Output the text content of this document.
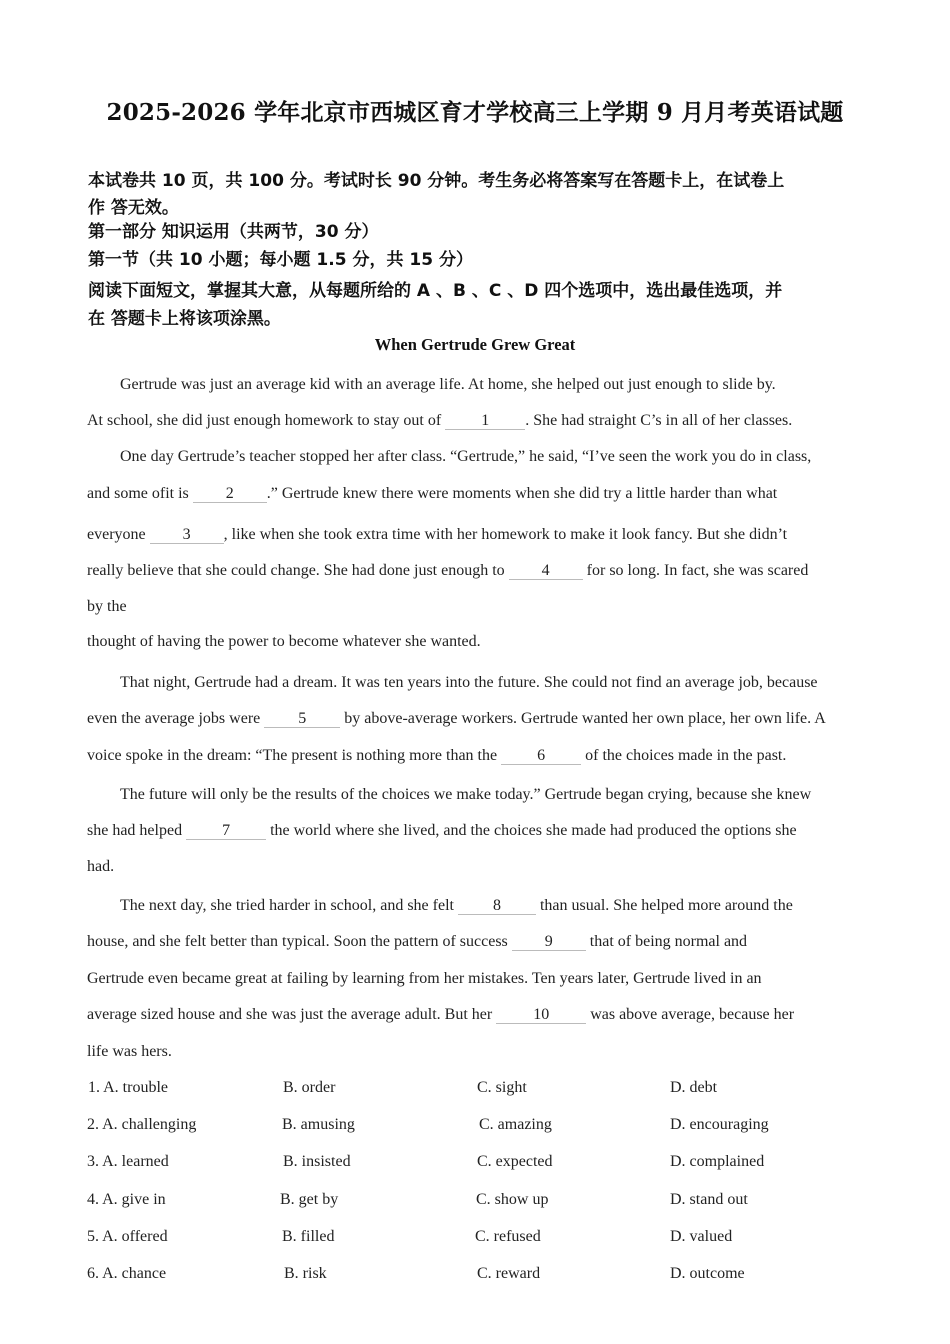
2025-2026 学年北京市西城区育才学校高三上学期 9 月月考英语试题
本试卷共 10 页，共 100 分。考试时长 90 分钟。考生务必将答案写在答题卡上，在试卷上
作 答无效。
第一部分 知识运用（共两节，30 分）
第一节（共 10 小题；每小题 1.5 分，共 15 分）
阅读下面短文，掌握其大意，从每题所给的 A 、B 、C 、D 四个选项中，选出最佳选项，并
在 答题卡上将该项涂黑。
When Gertrude Grew Great
Gertrude was just an average kid with an average life. At home, she helped out just enough to slide by.
At school, she did just enough homework to stay out of 1 . She had straight C’s in all of her classes.
One day Gertrude’s teacher stopped her after class. “Gertrude,” he said, “I’ve seen the work you do in class,
and some ofit is 2 .” Gertrude knew there were moments when she did try a little harder than what
everyone 3 , like when she took extra time with her homework to make it look fancy. But she didn’t
really believe that she could change. She had done just enough to 4 for so long. In fact, she was scared
by the
thought of having the power to become whatever she wanted.
That night, Gertrude had a dream. It was ten years into the future. She could not find an average job, because
even the average jobs were 5 by above-average workers. Gertrude wanted her own place, her own life. A
voice spoke in the dream: “The present is nothing more than the 6 of the choices made in the past.
The future will only be the results of the choices we make today.” Gertrude began crying, because she knew
she had helped 7 the world where she lived, and the choices she made had produced the options she
had.
The next day, she tried harder in school, and she felt 8 than usual. She helped more around the
house, and she felt better than typical. Soon the pattern of success 9 that of being normal and
Gertrude even became great at failing by learning from her mistakes. Ten years later, Gertrude lived in an
average sized house and she was just the average adult. But her 10 was above average, because her
life was hers.
1. A. trouble	B. order	C. sight	D. debt
2. A. challenging	B. amusing	C. amazing	D. encouraging
3. A. learned	B. insisted	C. expected	D. complained
4. A. give in	B. get by	C. show up	D. stand out
5. A. offered	B. filled	C. refused	D. valued
6. A. chance	B. risk	C. reward	D. outcome
